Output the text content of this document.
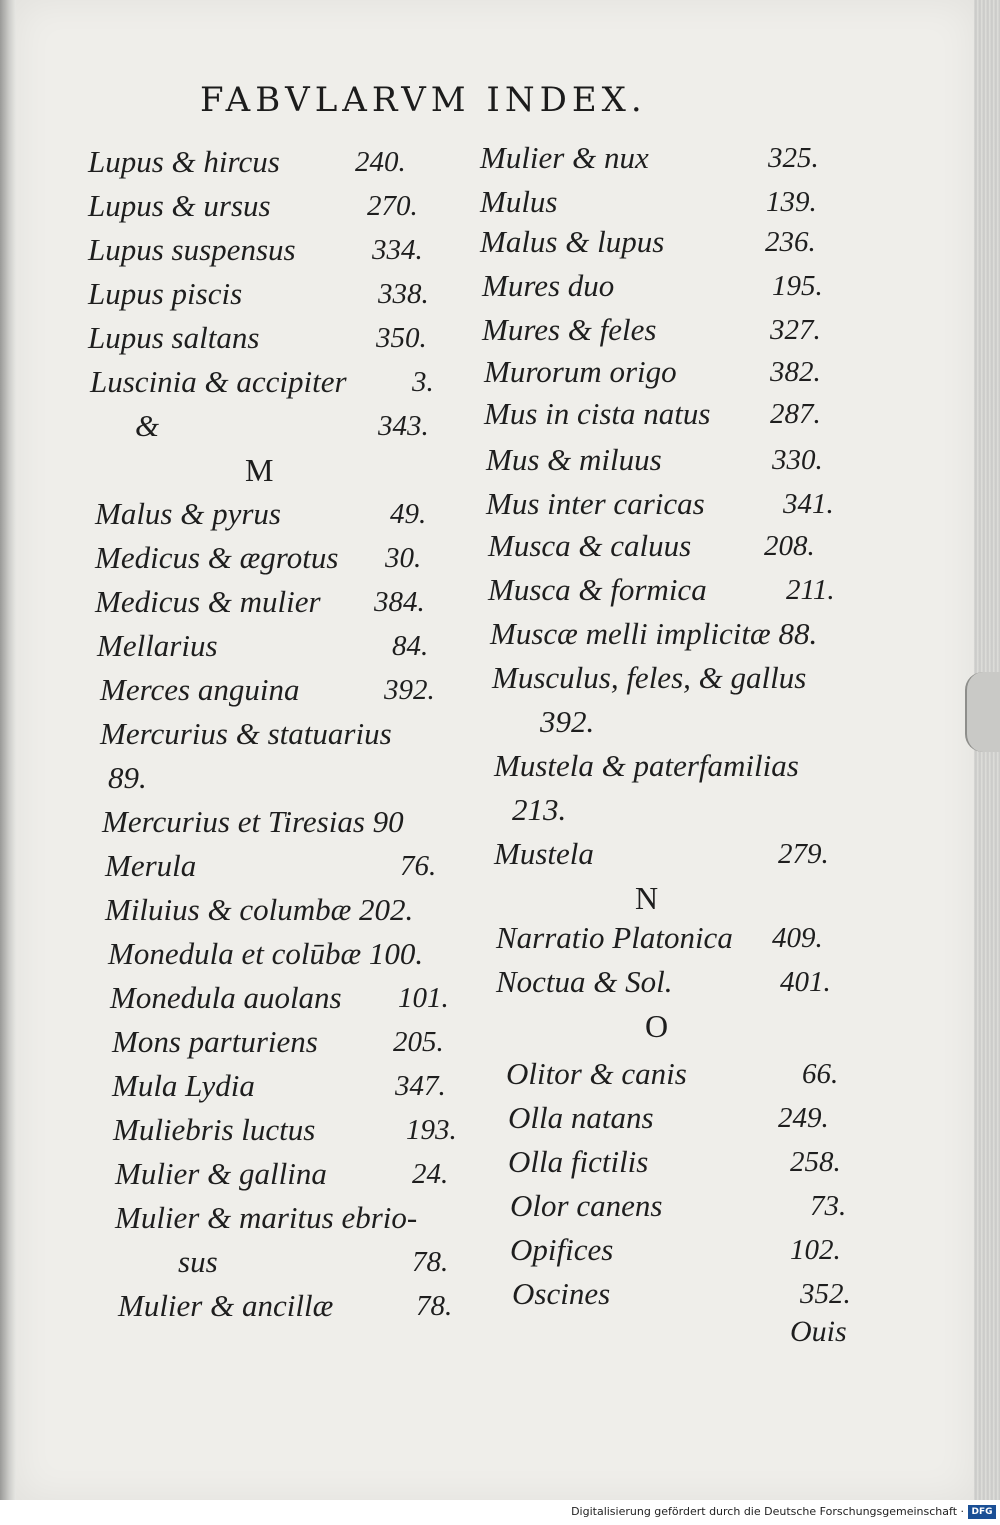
FABVLARVM INDEX.
Lupus & hircus	240.
Lupus & ursus	270.
Lupus suspensus	334.
Lupus piscis	338.
Lupus saltans	350.
Luscinia & accipiter 3.
&	343.
M
Malus & pyrus	49.
Medicus & ægrotus 30.
Medicus & mulier 384.
Mellarius	84.
Merces anguina	392.
Mercurius & statuarius
89.
Mercurius et Tiresias 90
Merula	76.
Miluius & columbæ 202.
Monedula et colūbæ 100.
Monedula auolans 101.
Mons parturiens	205.
Mula Lydia	347.
Muliebris luctus	193.
Mulier & gallina	24.
Mulier & maritus ebrio-
sus	78.
Mulier & ancillæ	78.
Mulier & nux	325.
Mulus	139.
Malus & lupus	236.
Mures duo	195.
Mures & feles	327.
Murorum origo	382.
Mus in cista natus 287.
Mus & miluus	330.
Mus inter caricas	341.
Musca & caluus	208.
Musca & formica	211.
Muscæ melli implicitæ 88.
Musculus, feles, & gallus
392.
Mustela & paterfamilias
213.
Mustela	279.
N
Narratio Platonica 409.
Noctua & Sol.	401.
O
Olitor & canis	66.
Olla natans	249.
Olla fictilis	258.
Olor canens	73.
Opifices	102.
Oscines	352.
Ouis
Digitalisierung gefördert durch die Deutsche Forschungsgemeinschaft · DFG
